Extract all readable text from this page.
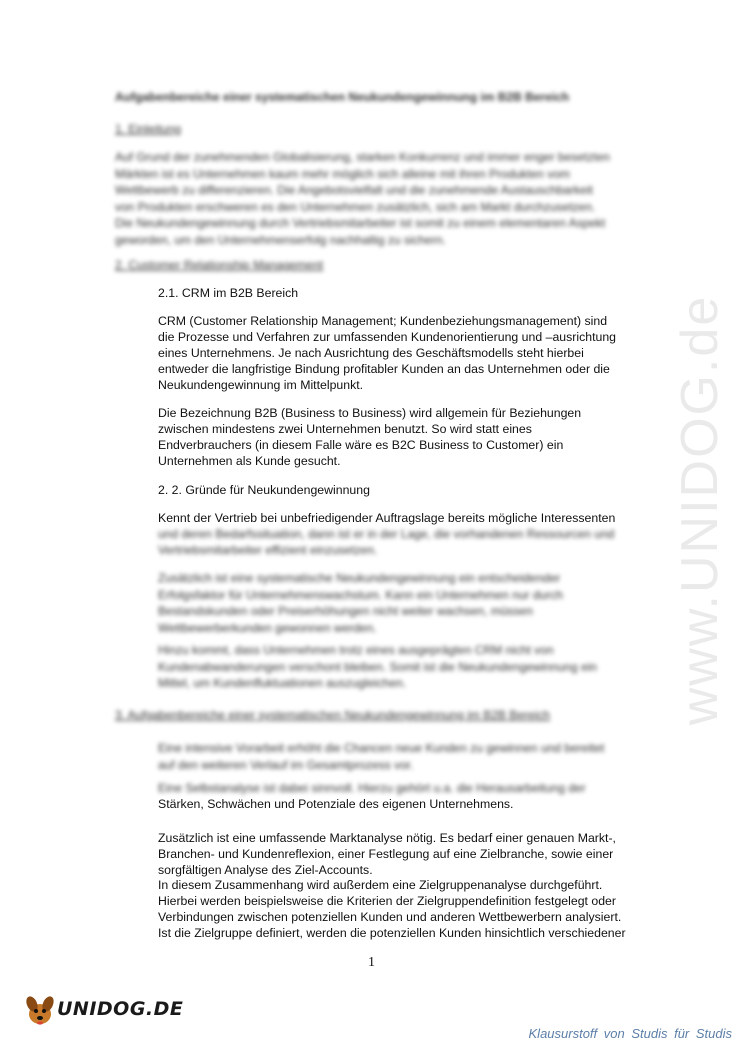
www.UNIDOG.de
Aufgabenbereiche einer systematischen Neukundengewinnung im B2B Bereich
1. Einleitung
Auf Grund der zunehmenden Globalisierung, starken Konkurrenz und immer enger besetzten
Märkten ist es Unternehmen kaum mehr möglich sich alleine mit ihren Produkten vom
Wettbewerb zu differenzieren. Die Angebotsvielfalt und die zunehmende Austauschbarkeit
von Produkten erschweren es den Unternehmen zusätzlich, sich am Markt durchzusetzen.
Die Neukundengewinnung durch Vertriebsmitarbeiter ist somit zu einem elementaren Aspekt
geworden, um den Unternehmenserfolg nachhaltig zu sichern.
2. Customer Relationship Management
2.1. CRM im B2B Bereich
CRM (Customer Relationship Management; Kundenbeziehungsmanagement) sind
die Prozesse und Verfahren zur umfassenden Kundenorientierung und –ausrichtung
eines Unternehmens. Je nach Ausrichtung des Geschäftsmodells steht hierbei
entweder die langfristige Bindung profitabler Kunden an das Unternehmen oder die
Neukundengewinnung im Mittelpunkt.
Die Bezeichnung B2B (Business to Business) wird allgemein für Beziehungen
zwischen mindestens zwei Unternehmen benutzt. So wird statt eines
Endverbrauchers (in diesem Falle wäre es B2C Business to Customer) ein
Unternehmen als Kunde gesucht.
2. 2. Gründe für Neukundengewinnung
Kennt der Vertrieb bei unbefriedigender Auftragslage bereits mögliche Interessenten
und deren Bedarfssituation, dann ist er in der Lage, die vorhandenen Ressourcen und
Vertriebsmitarbeiter effizient einzusetzen.
Zusätzlich ist eine systematische Neukundengewinnung ein entscheidender
Erfolgsfaktor für Unternehmenswachstum. Kann ein Unternehmen nur durch
Bestandskunden oder Preiserhöhungen nicht weiter wachsen, müssen
Wettbewerberkunden gewonnen werden.
Hinzu kommt, dass Unternehmen trotz eines ausgeprägten CRM nicht von
Kundenabwanderungen verschont bleiben. Somit ist die Neukundengewinnung ein
Mittel, um Kundenfluktuationen auszugleichen.
3. Aufgabenbereiche einer systematischen Neukundengewinnung im B2B Bereich
Eine intensive Vorarbeit erhöht die Chancen neue Kunden zu gewinnen und bereitet
auf den weiteren Verlauf im Gesamtprozess vor.
Eine Selbstanalyse ist dabei sinnvoll. Hierzu gehört u.a. die Herausarbeitung der
Stärken, Schwächen und Potenziale des eigenen Unternehmens.
Zusätzlich ist eine umfassende Marktanalyse nötig. Es bedarf einer genauen Markt-,
Branchen- und Kundenreflexion, einer Festlegung auf eine Zielbranche, sowie einer
sorgfältigen Analyse des Ziel-Accounts.
In diesem Zusammenhang wird außerdem eine Zielgruppenanalyse durchgeführt.
Hierbei werden beispielsweise die Kriterien der Zielgruppendefinition festgelegt oder
Verbindungen zwischen potenziellen Kunden und anderen Wettbewerbern analysiert.
Ist die Zielgruppe definiert, werden die potenziellen Kunden hinsichtlich verschiedener
1
UNIDOG.DE
Klausurstoff von Studis für Studis
